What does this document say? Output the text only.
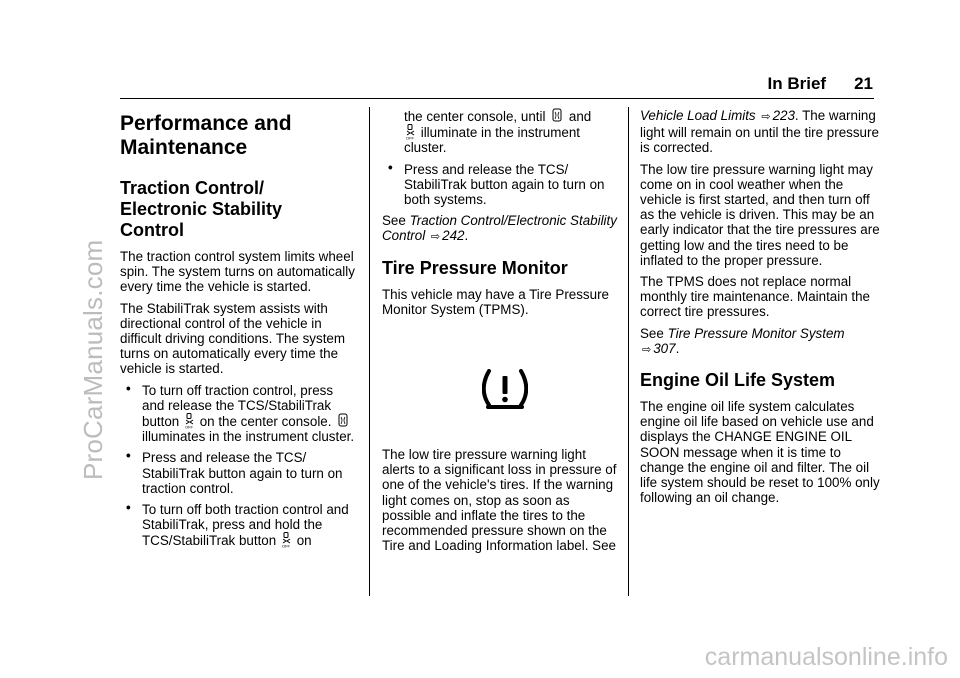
ProCarManuals.com
carmanualsonline.info
In Brief 21
Performance and
Maintenance
Traction Control/
Electronic Stability
Control

The traction control system limits wheel spin. The system turns on automatically every time the vehicle is started.

The StabiliTrak system assists with directional control of the vehicle in difficult driving conditions. The system turns on automatically every time the vehicle is started.

• To turn off traction control, press and release the TCS/StabiliTrak button OFF on the center console.  illuminates in the instrument cluster.
• Press and release the TCS/ StabiliTrak button again to turn on traction control.
• To turn off both traction control and StabiliTrak, press and hold the TCS/StabiliTrak button OFF on
the center console, until and

OFF illuminate in the instrument cluster.
• Press and release the TCS/ StabiliTrak button again to turn on both systems.

See Traction Control/Electronic Stability Control ⇨ 242.

Tire Pressure Monitor

This vehicle may have a Tire Pressure Monitor System (TPMS).

The low tire pressure warning light alerts to a significant loss in pressure of one of the vehicle's tires. If the warning light comes on, stop as soon as possible and inflate the tires to the recommended pressure shown on the Tire and Loading Information label. See

Vehicle Load Limits ⇨ 223. The warning light will remain on until the tire pressure is corrected.

The low tire pressure warning light may come on in cool weather when the vehicle is first started, and then turn off as the vehicle is driven. This may be an early indicator that the tire pressures are getting low and the tires need to be inflated to the proper pressure.

The TPMS does not replace normal monthly tire maintenance. Maintain the correct tire pressures.

See Tire Pressure Monitor System
⇨ 307.

Engine Oil Life System

The engine oil life system calculates engine oil life based on vehicle use and displays the CHANGE ENGINE OIL SOON message when it is time to change the engine oil and filter. The oil life system should be reset to 100% only following an oil change.
